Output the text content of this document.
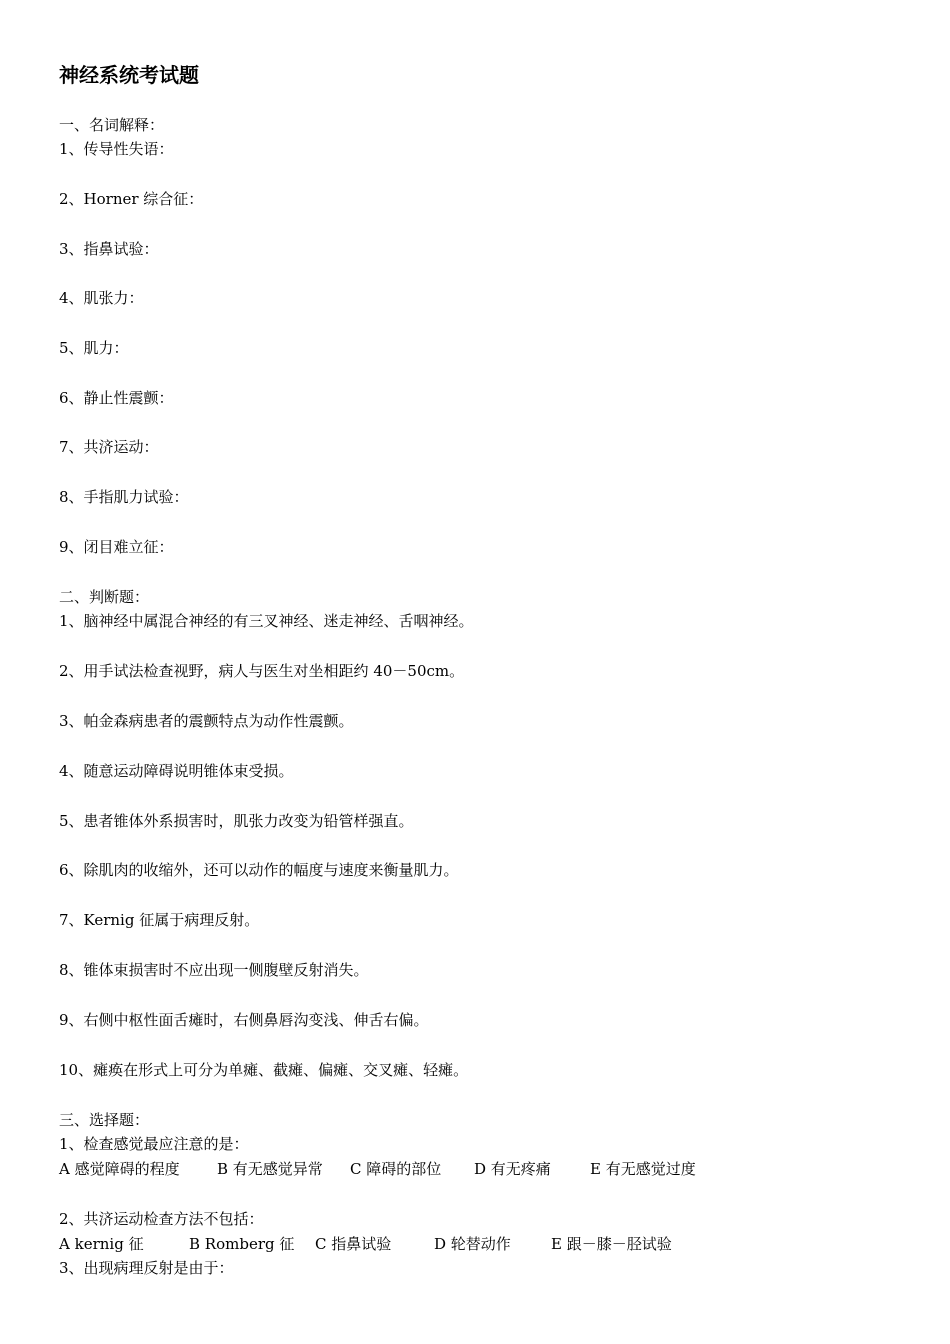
神经系统考试题
一、名词解释：
1、传导性失语：
2、Horner 综合征：
3、指鼻试验：
4、肌张力：
5、肌力：
6、静止性震颤：
7、共济运动：
8、手指肌力试验：
9、闭目难立征：
二、判断题：
1、脑神经中属混合神经的有三叉神经、迷走神经、舌咽神经。
2、用手试法检查视野，病人与医生对坐相距约 40－50cm。
3、帕金森病患者的震颤特点为动作性震颤。
4、随意运动障碍说明锥体束受损。
5、患者锥体外系损害时，肌张力改变为铅管样强直。
6、除肌肉的收缩外，还可以动作的幅度与速度来衡量肌力。
7、Kernig 征属于病理反射。
8、锥体束损害时不应出现一侧腹壁反射消失。
9、右侧中枢性面舌瘫时，右侧鼻唇沟变浅、伸舌右偏。
10、瘫痪在形式上可分为单瘫、截瘫、偏瘫、交叉瘫、轻瘫。
三、选择题：
1、检查感觉最应注意的是：
A 感觉障碍的程度 B 有无感觉异常 C 障碍的部位 D 有无疼痛	E 有无感觉过度
2、共济运动检查方法不包括：
A kernig 征	B Romberg 征 C 指鼻试验	D 轮替动作	E 跟－膝－胫试验
3、出现病理反射是由于：
